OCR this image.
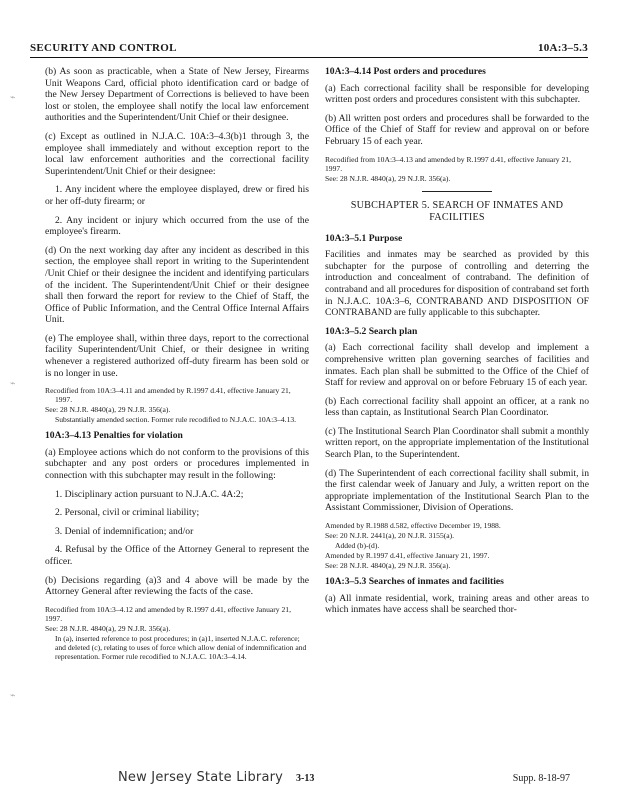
SECURITY AND CONTROL	10A:3–5.3
⌁
⌁
⌁

(b) As soon as practicable, when a State of New Jersey, Firearms Unit Weapons Card, official photo identification card or badge of the New Jersey Department of Corrections is believed to have been lost or stolen, the employee shall notify the local law enforcement authorities and the Superintendent/Unit Chief or their designee.

(c) Except as outlined in N.J.A.C. 10A:3–4.3(b)1 through 3, the employee shall immediately and without exception report to the local law enforcement authorities and the correctional facility Superintendent/Unit Chief or their designee:

1. Any incident where the employee displayed, drew or fired his or her off-duty firearm; or
2. Any incident or injury which occurred from the use of the employee's firearm.

(d) On the next working day after any incident as described in this section, the employee shall report in writing to the Superintendent /Unit Chief or their designee the incident and identifying particulars of the incident. The Superintendent/Unit Chief or their designee shall then forward the report for review to the Chief of Staff, the Office of Public Information, and the Central Office Internal Affairs Unit.

(e) The employee shall, within three days, report to the correctional facility Superintendent/Unit Chief, or their designee in writing whenever a registered authorized off-duty firearm has been sold or is no longer in use.

Recodified from 10A:3–4.11 and amended by R.1997 d.41, effective January 21, 1997.
See: 28 N.J.R. 4840(a), 29 N.J.R. 356(a).
Substantially amended section. Former rule recodified to N.J.A.C. 10A:3–4.13.
10A:3–4.13 Penalties for violation

(a) Employee actions which do not conform to the provisions of this subchapter and any post orders or procedures implemented in connection with this subchapter may result in the following:

1. Disciplinary action pursuant to N.J.A.C. 4A:2;
2. Personal, civil or criminal liability;
3. Denial of indemnification; and/or
4. Refusal by the Office of the Attorney General to represent the officer.

(b) Decisions regarding (a)3 and 4 above will be made by the Attorney General after reviewing the facts of the case.

Recodified from 10A:3–4.12 and amended by R.1997 d.41, effective January 21, 1997.
See: 28 N.J.R. 4840(a), 29 N.J.R. 356(a).
In (a), inserted reference to post procedures; in (a)1, inserted N.J.A.C. reference; and deleted (c), relating to uses of force which allow denial of indemnification and representation. Former rule recodified to N.J.A.C. 10A:3–4.14.
10A:3–4.14 Post orders and procedures

(a) Each correctional facility shall be responsible for developing written post orders and procedures consistent with this subchapter.

(b) All written post orders and procedures shall be forwarded to the Office of the Chief of Staff for review and approval on or before February 15 of each year.

Recodified from 10A:3–4.13 and amended by R.1997 d.41, effective January 21, 1997.
See: 28 N.J.R. 4840(a), 29 N.J.R. 356(a).
SUBCHAPTER 5. SEARCH OF INMATES AND FACILITIES
10A:3–5.1 Purpose

Facilities and inmates may be searched as provided by this subchapter for the purpose of controlling and deterring the introduction and concealment of contraband. The definition of contraband and all procedures for disposition of contraband set forth in N.J.A.C. 10A:3–6, CONTRABAND AND DISPOSITION OF CONTRABAND are fully applicable to this subchapter.

10A:3–5.2 Search plan

(a) Each correctional facility shall develop and implement a comprehensive written plan governing searches of facilities and inmates. Each plan shall be submitted to the Office of the Chief of Staff for review and approval on or before February 15 of each year.

(b) Each correctional facility shall appoint an officer, at a rank no less than captain, as Institutional Search Plan Coordinator.

(c) The Institutional Search Plan Coordinator shall submit a monthly written report, on the appropriate implementation of the Institutional Search Plan, to the Superintendent.

(d) The Superintendent of each correctional facility shall submit, in the first calendar week of January and July, a written report on the appropriate implementation of the Institutional Search Plan to the Assistant Commissioner, Division of Operations.

Amended by R.1988 d.582, effective December 19, 1988.
See: 20 N.J.R. 2441(a), 20 N.J.R. 3155(a).
Added (b)-(d).
Amended by R.1997 d.41, effective January 21, 1997.
See: 28 N.J.R. 4840(a), 29 N.J.R. 356(a).
10A:3–5.3 Searches of inmates and facilities

(a) All inmate residential, work, training areas and other areas to which inmates have access shall be searched thor-

New Jersey State Library 3-13	Supp. 8-18-97
